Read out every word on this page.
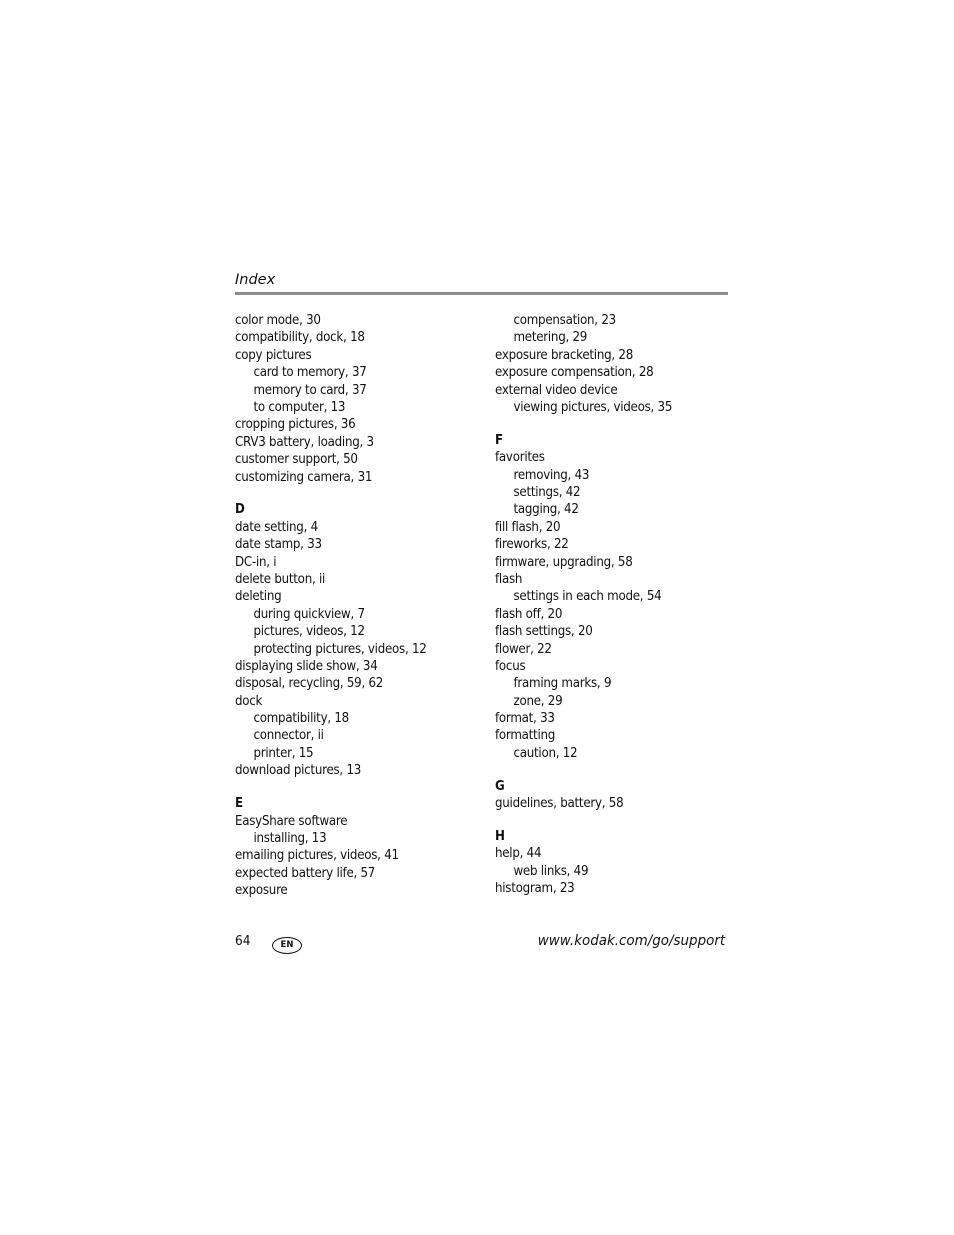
Index
color mode, 30
compatibility, dock, 18
copy pictures
card to memory, 37
memory to card, 37
to computer, 13
cropping pictures, 36
CRV3 battery, loading, 3
customer support, 50
customizing camera, 31
D
date setting, 4
date stamp, 33
DC-in, i
delete button, ii
deleting
during quickview, 7
pictures, videos, 12
protecting pictures, videos, 12
displaying slide show, 34
disposal, recycling, 59, 62
dock
compatibility, 18
connector, ii
printer, 15
download pictures, 13
E
EasyShare software
installing, 13
emailing pictures, videos, 41
expected battery life, 57
exposure
compensation, 23
metering, 29
exposure bracketing, 28
exposure compensation, 28
external video device
viewing pictures, videos, 35
F
favorites
removing, 43
settings, 42
tagging, 42
fill flash, 20
fireworks, 22
firmware, upgrading, 58
flash
settings in each mode, 54
flash off, 20
flash settings, 20
flower, 22
focus
framing marks, 9
zone, 29
format, 33
formatting
caution, 12
G
guidelines, battery, 58
H
help, 44
web links, 49
histogram, 23
64	EN	www.kodak.com/go/support
